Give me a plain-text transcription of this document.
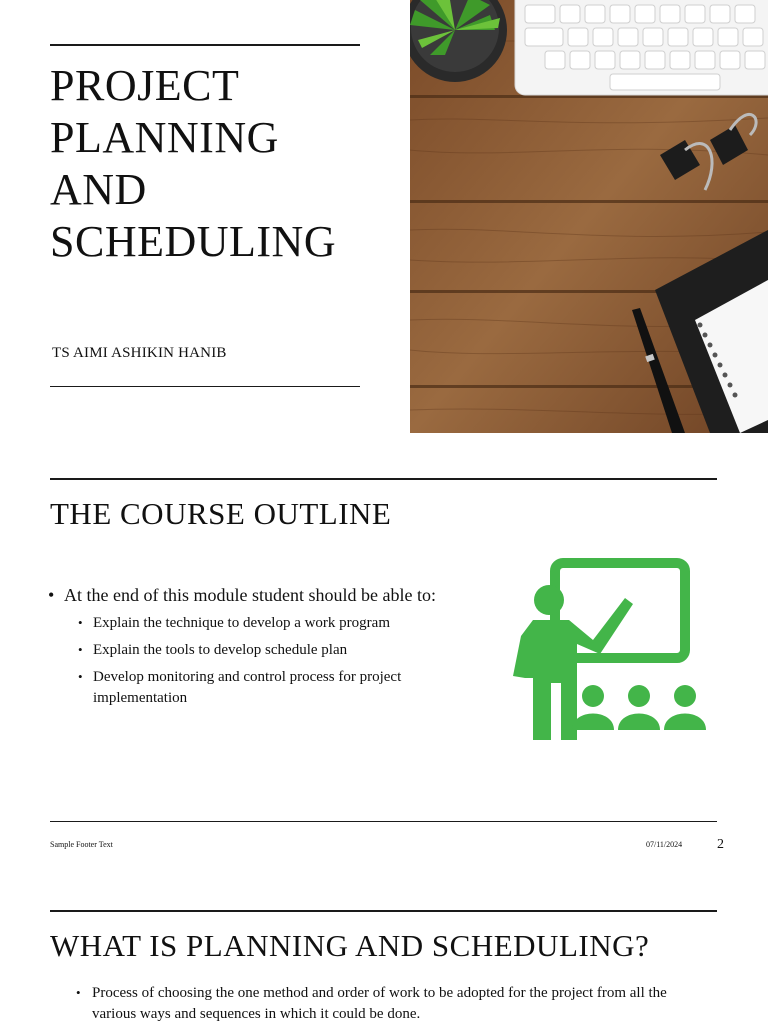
PROJECT
PLANNING
AND
SCHEDULING
TS AIMI ASHIKIN HANIB
THE COURSE OUTLINE
• At the end of this module student should be able to:
• Explain the technique to develop a work program
• Explain the tools to develop schedule plan
• Develop monitoring and control process for project implementation
Sample Footer Text	07/11/2024 2
WHAT IS PLANNING AND SCHEDULING?
• Process of choosing the one method and order of work to be adopted for the project from all the various ways and sequences in which it could be done.
